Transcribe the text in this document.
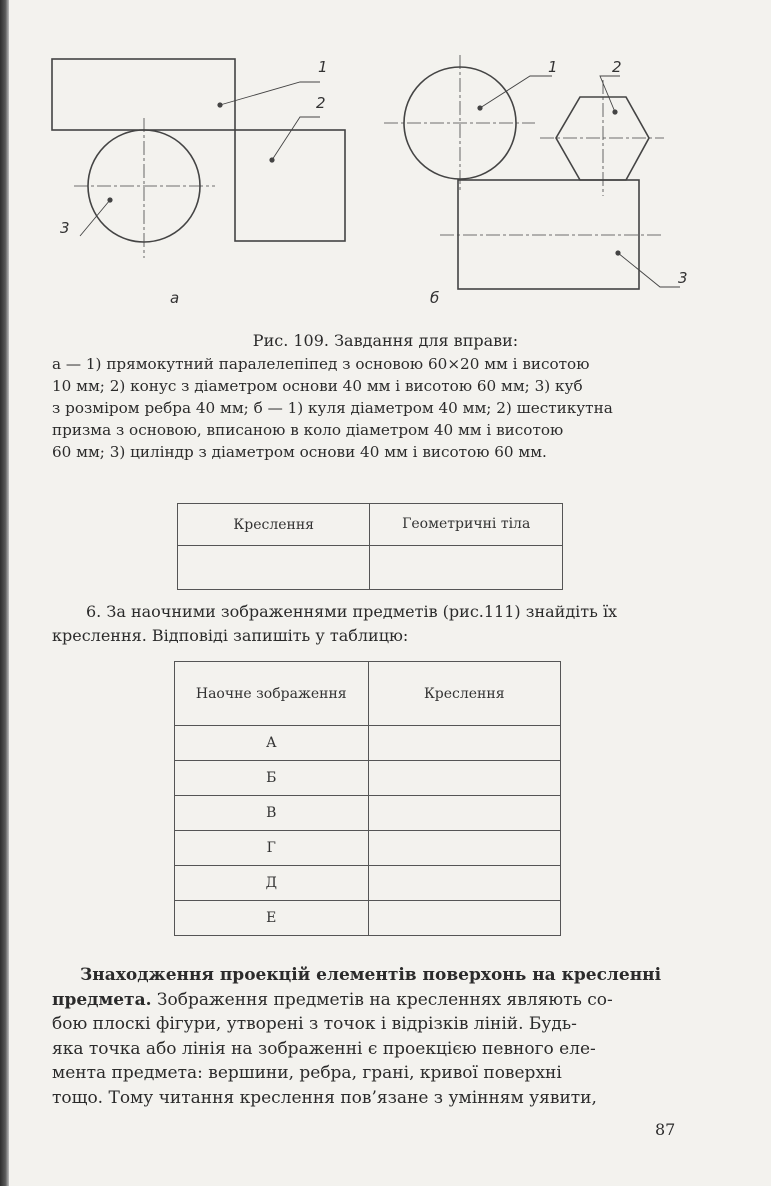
1
2
3
а
1	2
3
б
Рис. 109. Завдання для вправи:
а — 1) прямокутний паралелепіпед з основою 60×20 мм і висотою
10 мм; 2) конус з діаметром основи 40 мм і висотою 60 мм; 3) куб
з розміром ребра 40 мм; б — 1) куля діаметром 40 мм; 2) шестикутна
призма з основою, вписаною в коло діаметром 40 мм і висотою
60 мм; 3) циліндр з діаметром основи 40 мм і висотою 60 мм.
Креслення	Геометричні тіла

6. За наочними зображеннями предметів (рис.111) знайдіть їх
креслення. Відповіді запишіть у таблицю:
Наочне зображення	Креслення
А	
Б	
В	
Г	
Д	
Е	
Знаходження проекцій елементів поверхонь на кресленні
предмета. Зображення предметів на кресленнях являють со-
бою плоскі фігури, утворені з точок і відрізків ліній. Будь-
яка точка або лінія на зображенні є проекцією певного еле-
мента предмета: вершини, ребра, грані, кривої поверхні
тощо. Тому читання креслення пов’язане з умінням уявити,
87
